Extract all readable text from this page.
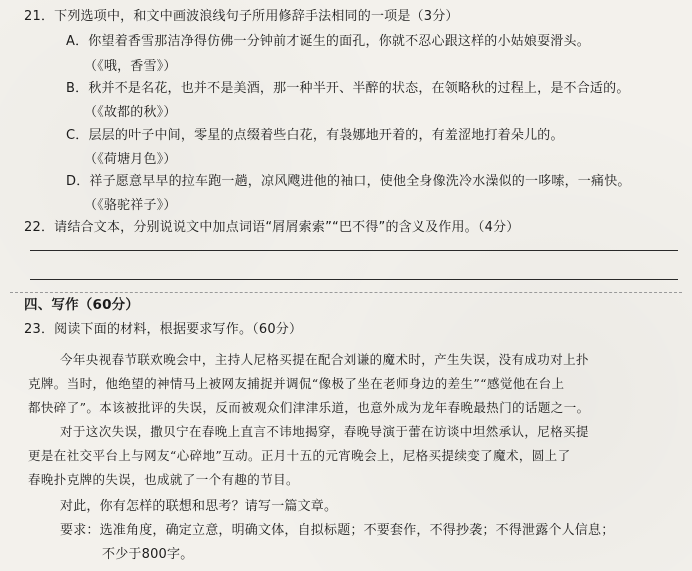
21．下列选项中，和文中画波浪线句子所用修辞手法相同的一项是（3分）
A．你望着香雪那洁净得仿佛一分钟前才诞生的面孔，你就不忍心跟这样的小姑娘耍滑头。
（《哦，香雪》）
B．秋并不是名花，也并不是美酒，那一种半开、半醉的状态，在领略秋的过程上，是不合适的。
（《故都的秋》）
C．层层的叶子中间，零星的点缀着些白花，有袅娜地开着的，有羞涩地打着朵儿的。
（《荷塘月色》）
D．祥子愿意早早的拉车跑一趟，凉风飕进他的袖口，使他全身像洗冷水澡似的一哆嗦，一痛快。
（《骆驼祥子》）
22．请结合文本，分别说说文中加点词语“屑屑索索”“巴不得”的含义及作用。（4分）
四、写作（60分）
23．阅读下面的材料，根据要求写作。（60分）
今年央视春节联欢晚会中，主持人尼格买提在配合刘谦的魔术时，产生失误，没有成功对上扑
克牌。当时，他绝望的神情马上被网友捕捉并调侃“像极了坐在老师身边的差生”“感觉他在台上
都快碎了”。本该被批评的失误，反而被观众们津津乐道，也意外成为龙年春晚最热门的话题之一。
对于这次失误，撒贝宁在春晚上直言不讳地揭穿，春晚导演于蕾在访谈中坦然承认，尼格买提
更是在社交平台上与网友“心碎地”互动。正月十五的元宵晚会上，尼格买提续变了魔术，圆上了
春晚扑克牌的失误，也成就了一个有趣的节目。
对此，你有怎样的联想和思考？请写一篇文章。
要求：选准角度，确定立意，明确文体，自拟标题；不要套作，不得抄袭；不得泄露个人信息；
不少于800字。
